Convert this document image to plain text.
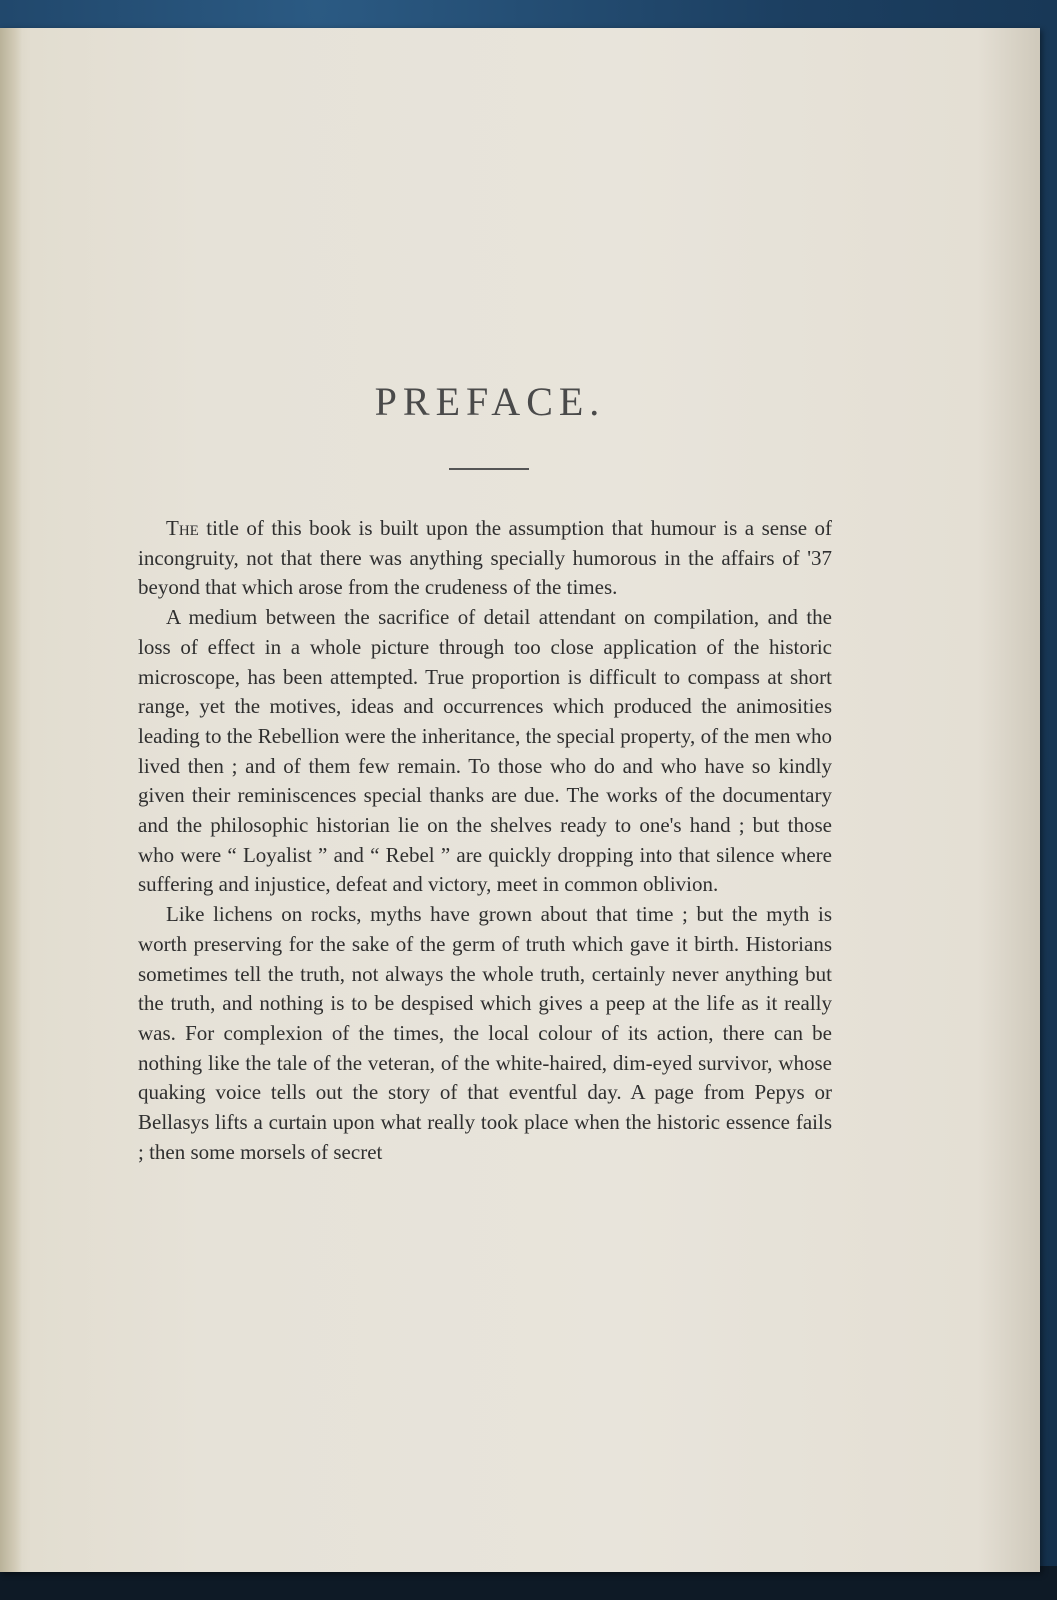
PREFACE.

The title of this book is built upon the assumption that humour is a sense of incongruity, not that there was anything specially humorous in the affairs of '37 beyond that which arose from the crudeness of the times.

A medium between the sacrifice of detail attendant on compilation, and the loss of effect in a whole picture through too close application of the historic microscope, has been attempted. True proportion is difficult to compass at short range, yet the motives, ideas and occurrences which produced the animosities leading to the Rebellion were the inheritance, the special property, of the men who lived then ; and of them few remain. To those who do and who have so kindly given their reminiscences special thanks are due. The works of the documentary and the philosophic historian lie on the shelves ready to one's hand ; but those who were “ Loyalist ” and “ Rebel ” are quickly dropping into that silence where suffering and injustice, defeat and victory, meet in common oblivion.

Like lichens on rocks, myths have grown about that time ; but the myth is worth preserving for the sake of the germ of truth which gave it birth. Historians sometimes tell the truth, not always the whole truth, certainly never anything but the truth, and nothing is to be despised which gives a peep at the life as it really was. For complexion of the times, the local colour of its action, there can be nothing like the tale of the veteran, of the white-haired, dim-eyed survivor, whose quaking voice tells out the story of that eventful day. A page from Pepys or Bellasys lifts a curtain upon what really took place when the historic essence fails ; then some morsels of secret
